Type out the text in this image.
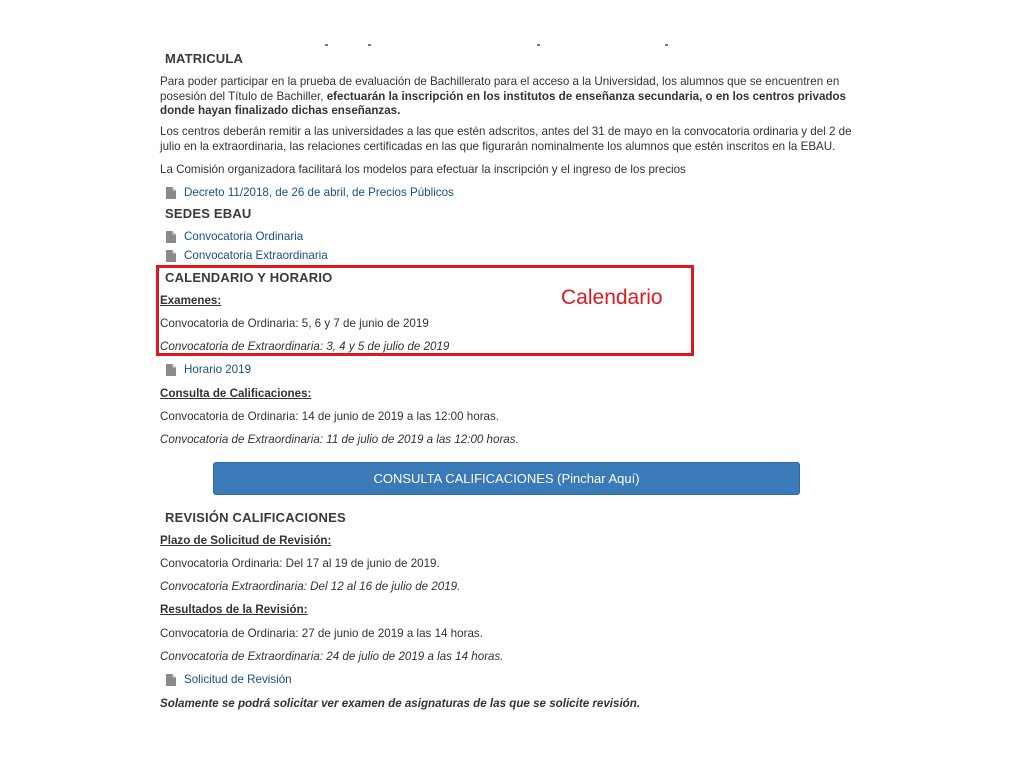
MATRICULA
Para poder participar en la prueba de evaluación de Bachillerato para el acceso a la Universidad, los alumnos que se encuentren en posesión del Título de Bachiller, efectuarán la inscripción en los institutos de enseñanza secundaria, o en los centros privados donde hayan finalizado dichas enseñanzas.
Los centros deberán remitir a las universidades a las que estén adscritos, antes del 31 de mayo en la convocatoria ordinaria y del 2 de julio en la extraordinaria, las relaciones certificadas en las que figurarán nominalmente los alumnos que estén inscritos en la EBAU.
La Comisión organizadora facilitará los modelos para efectuar la inscripción y el ingreso de los precios
Decreto 11/2018, de 26 de abril, de Precios Públicos
SEDES EBAU
Convocatoria Ordinaria
Convocatoria Extraordinaria
CALENDARIO Y HORARIO
Calendario
Examenes:
Convocatoria de Ordinaria: 5, 6 y 7 de junio de 2019
Convocatoria de Extraordinaria: 3, 4 y 5 de julio de 2019
Horario 2019
Consulta de Calificaciones:
Convocatoria de Ordinaria: 14 de junio de 2019 a las 12:00 horas.
Convocatoria de Extraordinaria: 11 de julio de 2019 a las 12:00 horas.
CONSULTA CALIFICACIONES (Pinchar Aquí)
REVISIÓN CALIFICACIONES
Plazo de Solicitud de Revisión:
Convocatoria Ordinaria: Del 17 al 19 de junio de 2019.
Convocatoria Extraordinaria: Del 12 al 16 de julio de 2019.
Resultados de la Revisión:
Convocatoria de Ordinaria: 27 de junio de 2019 a las 14 horas.
Convocatoria de Extraordinaria: 24 de julio de 2019 a las 14 horas.
Solicitud de Revisión
Solamente se podrá solicitar ver examen de asignaturas de las que se solicite revisión.
